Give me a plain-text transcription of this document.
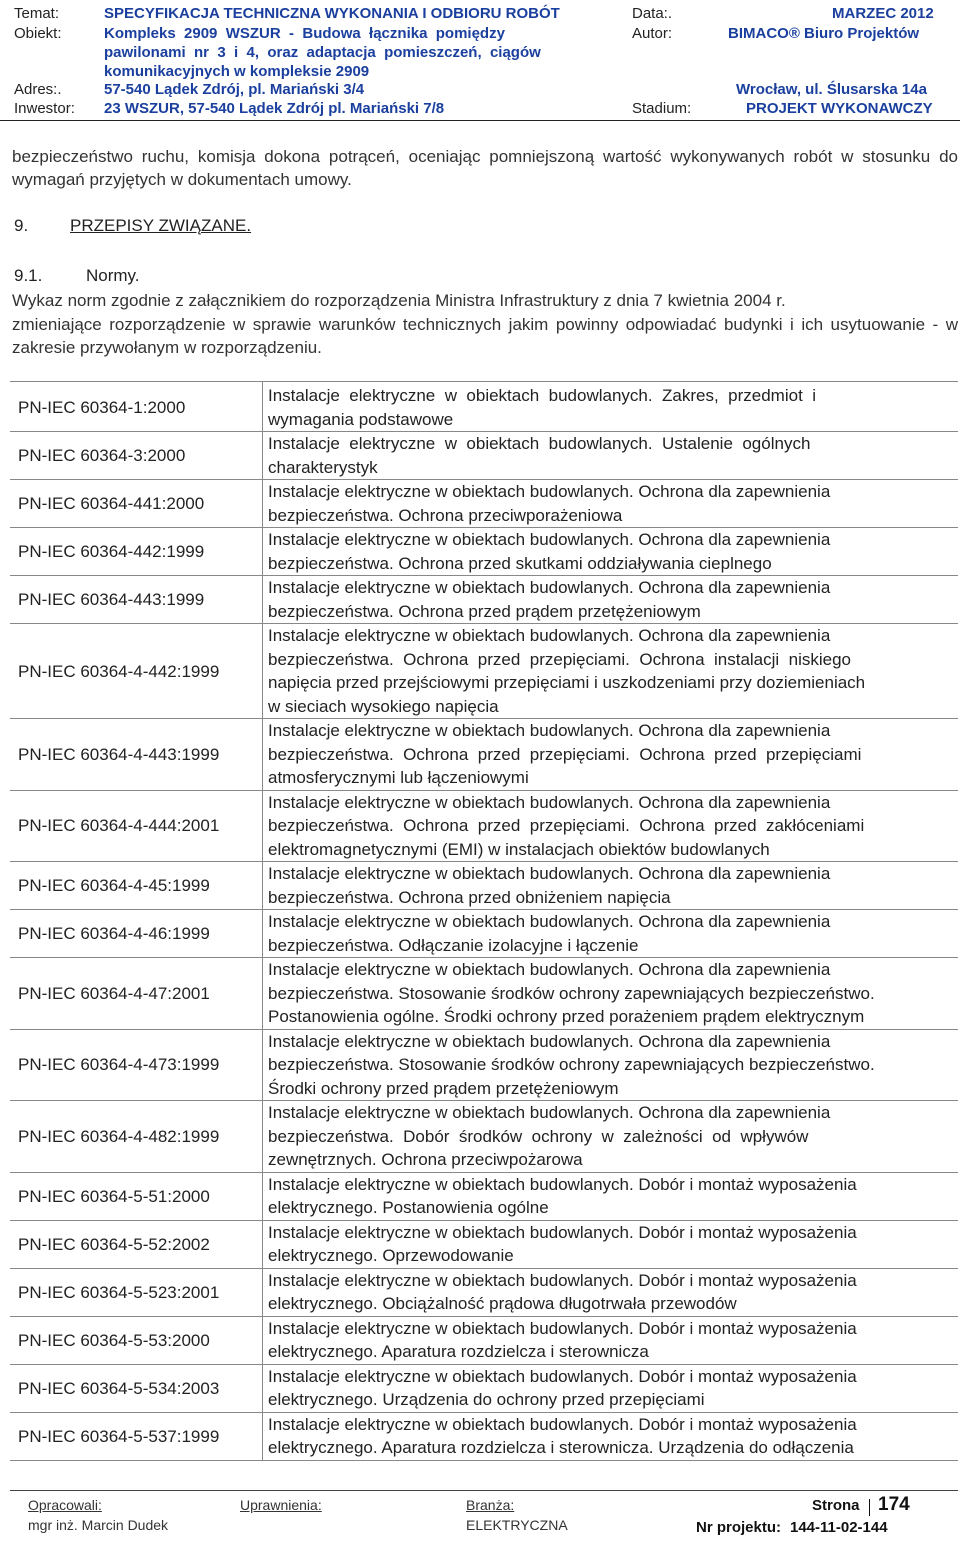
Temat:	SPECYFIKACJA TECHNICZNA WYKONANIA I ODBIORU ROBÓT	Data:.	MARZEC 2012
Obiekt:	Kompleks  2909  WSZUR  -  Budowa  łącznika  pomiędzy
pawilonami  nr  3  i  4,  oraz  adaptacja  pomieszczeń,  ciągów
komunikacyjnych w kompleksie 2909
Autor:	BIMACO® Biuro Projektów
Adres:.	57-540 Lądek Zdrój, pl. Mariański 3/4	Wrocław, ul. Ślusarska 14a
Inwestor: 23 WSZUR, 57-540 Lądek Zdrój pl. Mariański 7/8	Stadium:	PROJEKT WYKONAWCZY
bezpieczeństwo ruchu, komisja dokona potrąceń, oceniając pomniejszoną wartość wykonywanych robót w stosunku do wymagań przyjętych w dokumentach umowy.
9. PRZEPISY ZWIĄZANE.
9.1.	Normy.
Wykaz norm zgodnie z załącznikiem do rozporządzenia Ministra Infrastruktury z dnia 7 kwietnia 2004 r.
zmieniające rozporządzenie w sprawie warunków technicznych jakim powinny odpowiadać budynki i ich usytuowanie - w zakresie przywołanym w rozporządzeniu.
PN-IEC 60364-1:2000
Instalacje  elektryczne  w  obiektach  budowlanych.  Zakres,  przedmiot  i
wymagania podstawowe
PN-IEC 60364-3:2000
Instalacje  elektryczne  w  obiektach  budowlanych.  Ustalenie  ogólnych
charakterystyk
PN-IEC 60364-441:2000
Instalacje elektryczne w obiektach budowlanych. Ochrona dla zapewnienia
bezpieczeństwa. Ochrona przeciwporażeniowa
PN-IEC 60364-442:1999
Instalacje elektryczne w obiektach budowlanych. Ochrona dla zapewnienia
bezpieczeństwa. Ochrona przed skutkami oddziaływania cieplnego
PN-IEC 60364-443:1999
Instalacje elektryczne w obiektach budowlanych. Ochrona dla zapewnienia
bezpieczeństwa. Ochrona przed prądem przetężeniowym
PN-IEC 60364-4-442:1999
Instalacje elektryczne w obiektach budowlanych. Ochrona dla zapewnienia
bezpieczeństwa.  Ochrona  przed  przepięciami.  Ochrona  instalacji  niskiego
napięcia przed przejściowymi przepięciami i uszkodzeniami przy doziemieniach
w sieciach wysokiego napięcia
PN-IEC 60364-4-443:1999
Instalacje elektryczne w obiektach budowlanych. Ochrona dla zapewnienia
bezpieczeństwa.  Ochrona  przed  przepięciami.  Ochrona  przed  przepięciami
atmosferycznymi lub łączeniowymi
PN-IEC 60364-4-444:2001
Instalacje elektryczne w obiektach budowlanych. Ochrona dla zapewnienia
bezpieczeństwa.  Ochrona  przed  przepięciami.  Ochrona  przed  zakłóceniami
elektromagnetycznymi (EMI) w instalacjach obiektów budowlanych
PN-IEC 60364-4-45:1999
Instalacje elektryczne w obiektach budowlanych. Ochrona dla zapewnienia
bezpieczeństwa. Ochrona przed obniżeniem napięcia
PN-IEC 60364-4-46:1999
Instalacje elektryczne w obiektach budowlanych. Ochrona dla zapewnienia
bezpieczeństwa. Odłączanie izolacyjne i łączenie
PN-IEC 60364-4-47:2001
Instalacje elektryczne w obiektach budowlanych. Ochrona dla zapewnienia
bezpieczeństwa. Stosowanie środków ochrony zapewniających bezpieczeństwo.
Postanowienia ogólne. Środki ochrony przed porażeniem prądem elektrycznym
PN-IEC 60364-4-473:1999
Instalacje elektryczne w obiektach budowlanych. Ochrona dla zapewnienia
bezpieczeństwa. Stosowanie środków ochrony zapewniających bezpieczeństwo.
Środki ochrony przed prądem przetężeniowym
PN-IEC 60364-4-482:1999
Instalacje elektryczne w obiektach budowlanych. Ochrona dla zapewnienia
bezpieczeństwa.  Dobór  środków  ochrony  w  zależności  od  wpływów
zewnętrznych. Ochrona przeciwpożarowa
PN-IEC 60364-5-51:2000
Instalacje elektryczne w obiektach budowlanych. Dobór i montaż wyposażenia
elektrycznego. Postanowienia ogólne
PN-IEC 60364-5-52:2002
Instalacje elektryczne w obiektach budowlanych. Dobór i montaż wyposażenia
elektrycznego. Oprzewodowanie
PN-IEC 60364-5-523:2001
Instalacje elektryczne w obiektach budowlanych. Dobór i montaż wyposażenia
elektrycznego. Obciążalność prądowa długotrwała przewodów
PN-IEC 60364-5-53:2000
Instalacje elektryczne w obiektach budowlanych. Dobór i montaż wyposażenia
elektrycznego. Aparatura rozdzielcza i sterownicza
PN-IEC 60364-5-534:2003
Instalacje elektryczne w obiektach budowlanych. Dobór i montaż wyposażenia
elektrycznego. Urządzenia do ochrony przed przepięciami
PN-IEC 60364-5-537:1999
Instalacje elektryczne w obiektach budowlanych. Dobór i montaż wyposażenia
elektrycznego. Aparatura rozdzielcza i sterownicza. Urządzenia do odłączenia
Opracowali:
mgr inż. Marcin Dudek
Uprawnienia:	Branża:
ELEKTRYCZNA
Strona 174
Nr projektu: 144-11-02-144
